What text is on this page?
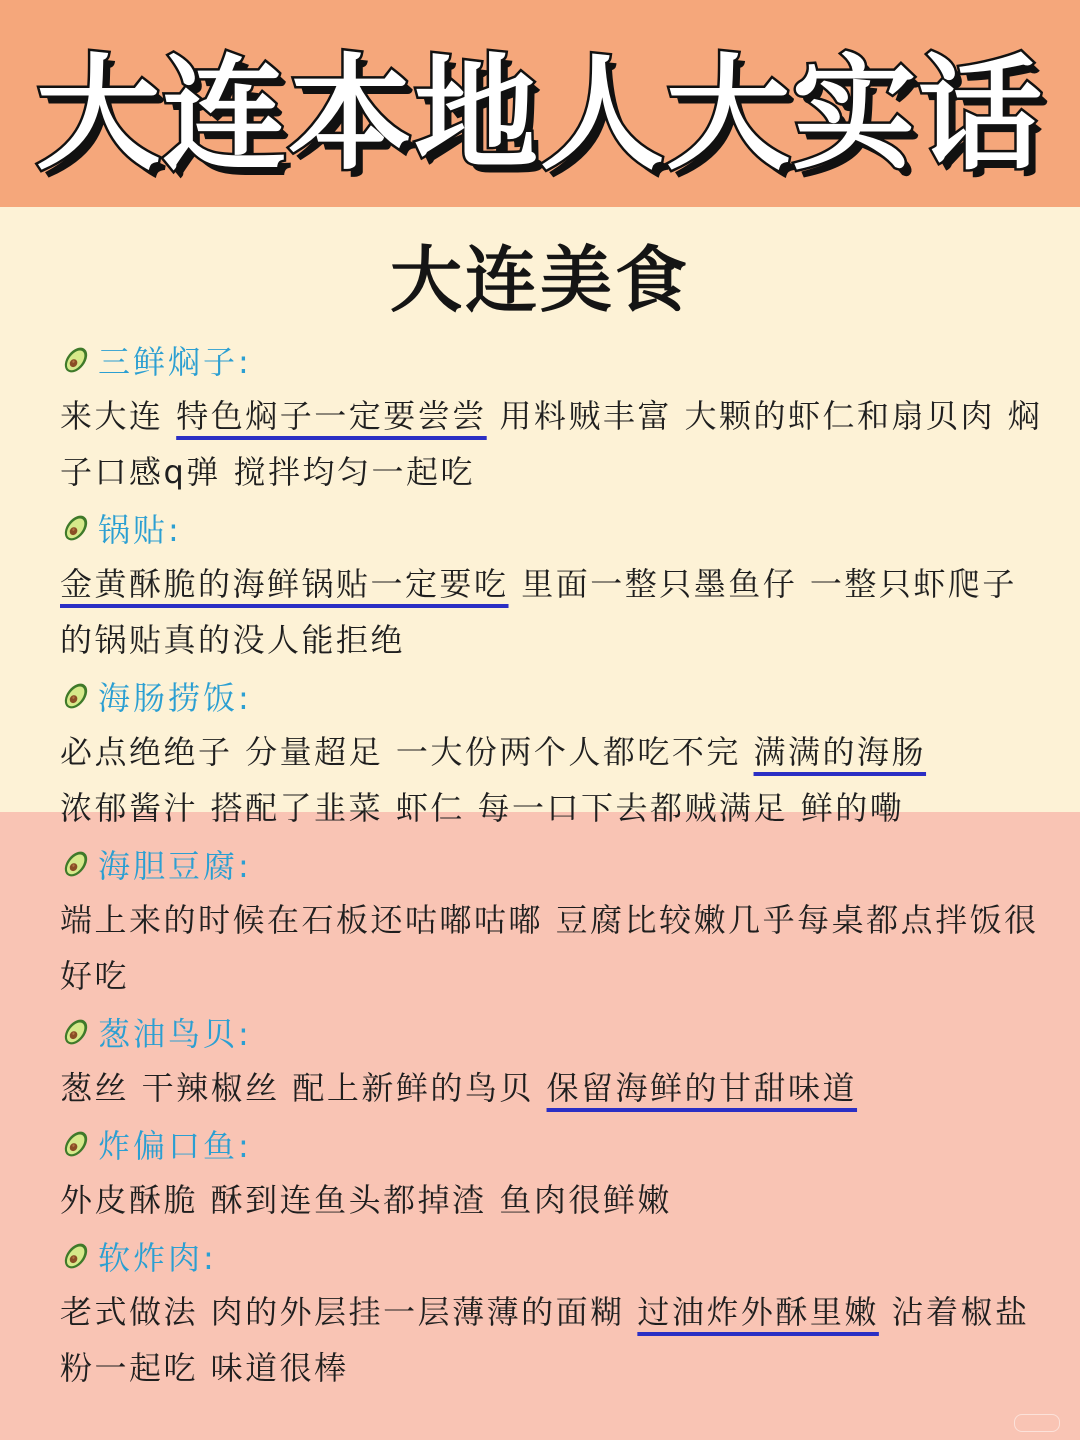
大连本地人大实话
大连美食
三鲜焖子:

来大连 特色焖子一定要尝尝 用料贼丰富 大颗的虾仁和扇贝肉 焖子口感q弹 搅拌均匀一起吃

锅贴:

金黄酥脆的海鲜锅贴一定要吃 里面一整只墨鱼仔 一整只虾爬子的锅贴真的没人能拒绝

海肠捞饭:

必点绝绝子 分量超足 一大份两个人都吃不完 满满的海肠
浓郁酱汁 搭配了韭菜 虾仁 每一口下去都贼满足 鲜的嘞

海胆豆腐:

端上来的时候在石板还咕嘟咕嘟 豆腐比较嫩几乎每桌都点拌饭很好吃

葱油鸟贝:

葱丝 干辣椒丝 配上新鲜的鸟贝 保留海鲜的甘甜味道

炸偏口鱼:

外皮酥脆 酥到连鱼头都掉渣 鱼肉很鲜嫩

软炸肉:

老式做法 肉的外层挂一层薄薄的面糊 过油炸外酥里嫩 沾着椒盐粉一起吃 味道很棒
